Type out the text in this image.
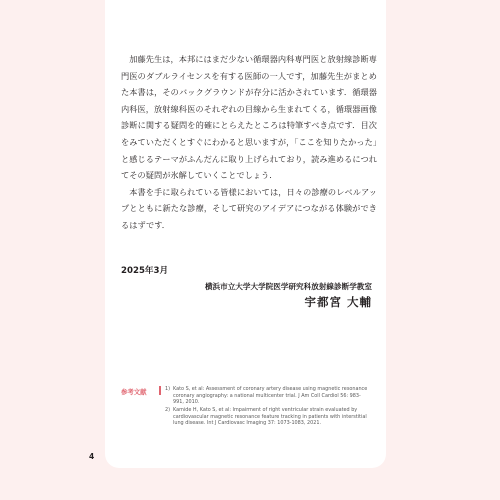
加藤先生は，本邦にはまだ少ない循環器内科専門医と放射線診断専門医のダブルライセンスを有する医師の一人です，加藤先生がまとめた本書は，そのバックグラウンドが存分に活かされています．循環器内科医，放射線科医のそれぞれの目線から生まれてくる，循環器画像診断に関する疑問を的確にとらえたところは特筆すべき点です．目次をみていただくとすぐにわかると思いますが，「ここを知りたかった」と感じるテーマがふんだんに取り上げられており，読み進めるにつれてその疑問が氷解していくことでしょう．

本書を手に取られている皆様においては，日々の診療のレベルアップとともに新たな診療，そして研究のアイデアにつながる体験ができるはずです．

2025年3月

横浜市立大学大学院医学研究科放射線診断学教室

宇都宮 大輔

参考文献	1) Kato S, et al: Assessment of coronary artery disease using magnetic resonance coronary angiography: a national multicenter trial. J Am Coll Cardiol 56: 983-991, 2010.
2) Kamide H, Kato S, et al: Impairment of right ventricular strain evaluated by cardiovascular magnetic resonance feature tracking in patients with interstitial lung disease. Int J Cardiovasc Imaging 37: 1073-1083, 2021.

4
